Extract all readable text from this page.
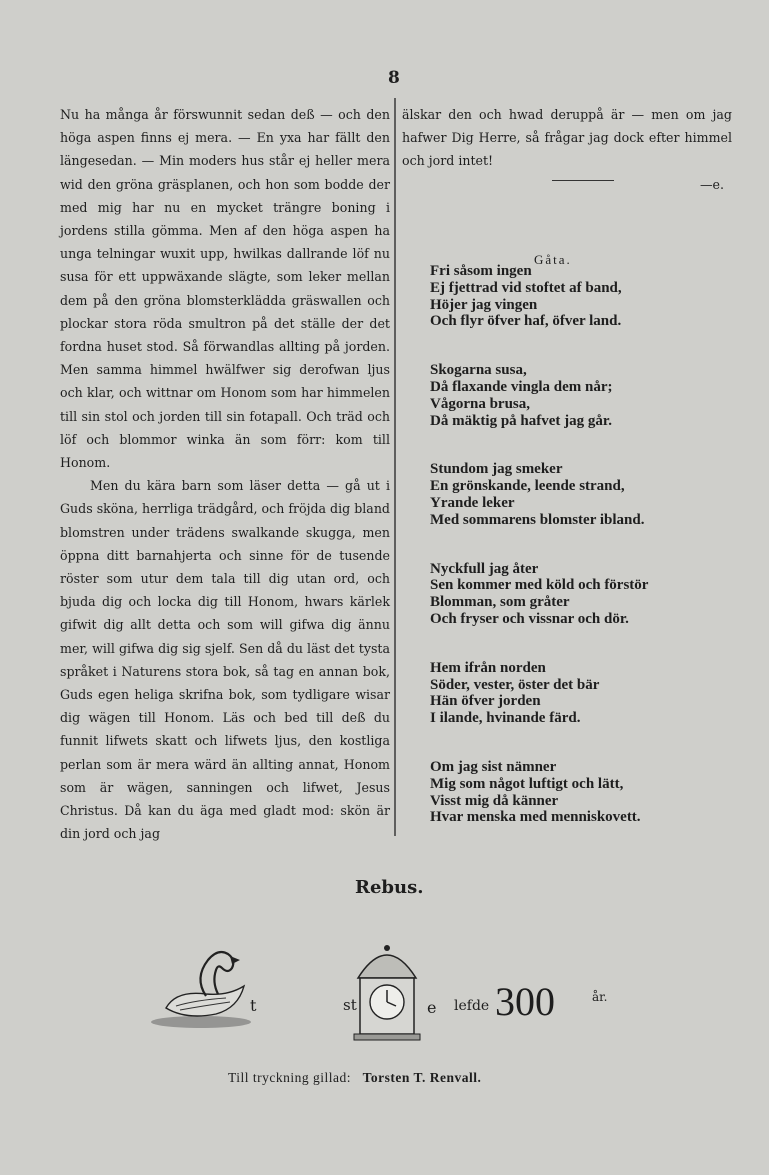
8

Nu ha många år förswunnit sedan deß — och den höga aspen finns ej mera. — En yxa har fällt den längesedan. — Min moders hus står ej heller mera wid den gröna gräsplanen, och hon som bodde der med mig har nu en mycket trängre boning i jordens stilla gömma. Men af den höga aspen ha unga telningar wuxit upp, hwilkas dallrande löf nu susa för ett uppwäxande slägte, som leker mellan dem på den gröna blomsterklädda gräswallen och plockar stora röda smultron på det ställe der det fordna huset stod. Så förwandlas allting på jorden. Men samma himmel hwälfwer sig derofwan ljus och klar, och wittnar om Honom som har himmelen till sin stol och jorden till sin fotapall. Och träd och löf och blommor winka än som förr: kom till Honom.

Men du kära barn som läser detta — gå ut i Guds sköna, herrliga trädgård, och fröjda dig bland blomstren under trädens swalkande skugga, men öppna ditt barnahjerta och sinne för de tusende röster som utur dem tala till dig utan ord, och bjuda dig och locka dig till Honom, hwars kärlek gifwit dig allt detta och som will gifwa dig ännu mer, will gifwa dig sig sjelf. Sen då du läst det tysta språket i Naturens stora bok, så tag en annan bok, Guds egen heliga skrifna bok, som tydligare wisar dig wägen till Honom. Läs och bed till deß du funnit lifwets skatt och lifwets ljus, den kostliga perlan som är mera wärd än allting annat, Honom som är wägen, sanningen och lifwet, Jesus Christus. Då kan du äga med gladt mod: skön är din jord och jag

älskar den och hwad deruppå är — men om jag hafwer Dig Herre, så frågar jag dock efter himmel och jord intet!
—e.
Gåta.
Fri såsom ingen
Ej fjettrad vid stoftet af band,
Höjer jag vingen
Och flyr öfver haf, öfver land.
Skogarna susa,
Då flaxande vingla dem når;
Vågorna brusa,
Då mäktig på hafvet jag går.
Stundom jag smeker
En grönskande, leende strand,
Yrande leker
Med sommarens blomster ibland.
Nyckfull jag åter
Sen kommer med köld och förstör
Blomman, som gråter
Och fryser och vissnar och dör.
Hem ifrån norden
Söder, vester, öster det bär
Hän öfver jorden
I ilande, hvinande färd.
Om jag sist nämner
Mig som något luftigt och lätt,
Visst mig då känner
Hvar menska med menniskovett.
Rebus.
t	st	e lefde 300	år.
Till tryckning gillad: Torsten T. Renvall.
